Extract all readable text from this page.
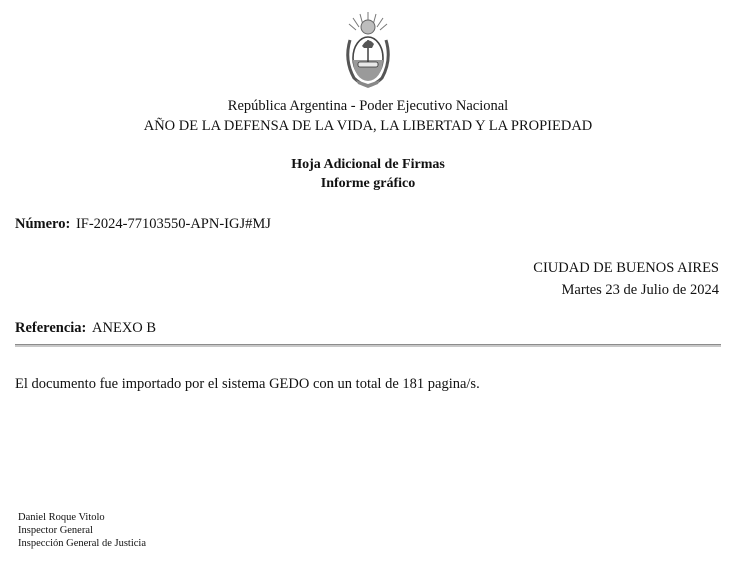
República Argentina - Poder Ejecutivo Nacional
AÑO DE LA DEFENSA DE LA VIDA, LA LIBERTAD Y LA PROPIEDAD
Hoja Adicional de Firmas
Informe gráfico
Número: IF-2024-77103550-APN-IGJ#MJ
CIUDAD DE BUENOS AIRES
Martes 23 de Julio de 2024
Referencia: ANEXO B
El documento fue importado por el sistema GEDO con un total de 181 pagina/s.
Daniel Roque Vitolo
Inspector General
Inspección General de Justicia
